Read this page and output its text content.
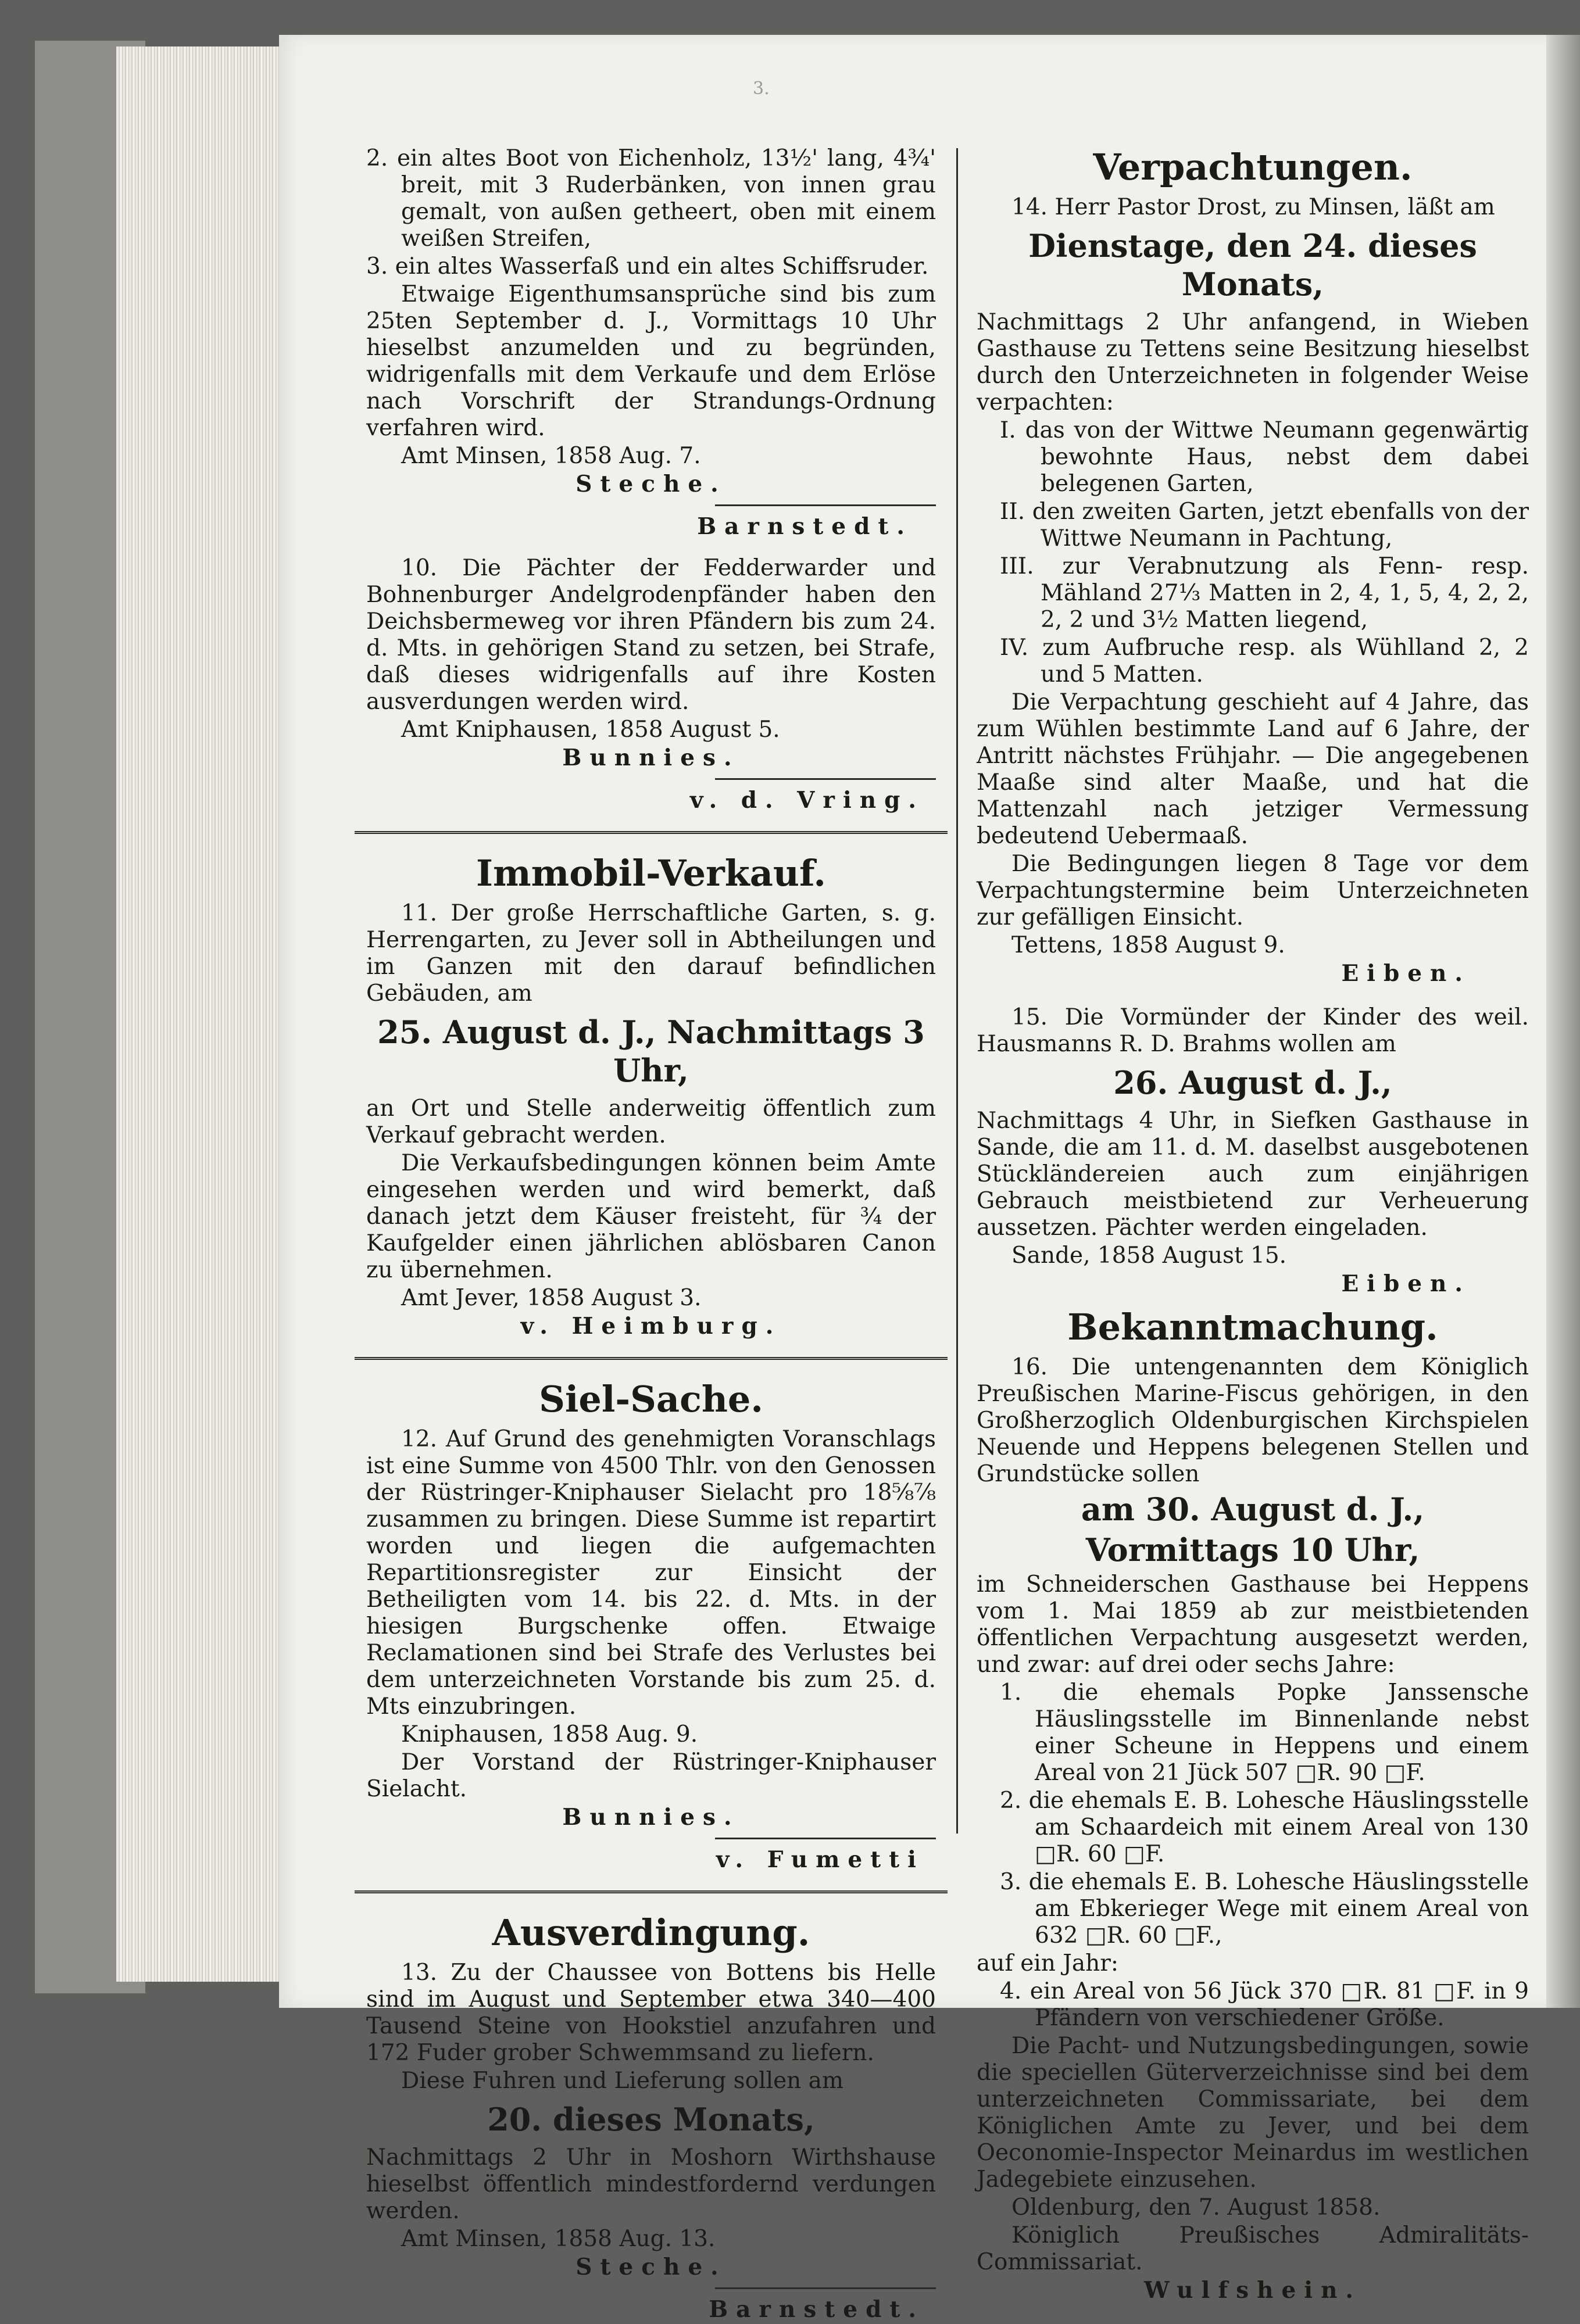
3.

2. ein altes Boot von Eichenholz, 13½' lang, 4¾' breit, mit 3 Ruderbänken, von innen grau gemalt, von außen getheert, oben mit einem weißen Streifen,

3. ein altes Wasserfaß und ein altes Schiffsruder.

Etwaige Eigenthumsansprüche sind bis zum 25ten September d. J., Vormittags 10 Uhr hieselbst anzumelden und zu begründen, widrigenfalls mit dem Verkaufe und dem Erlöse nach Vorschrift der Strandungs-Ordnung verfahren wird.

Amt Minsen, 1858 Aug. 7.

Steche.

Barnstedt.

10. Die Pächter der Fedderwarder und Bohnenburger Andelgrodenpfänder haben den Deichsbermeweg vor ihren Pfändern bis zum 24. d. Mts. in gehörigen Stand zu setzen, bei Strafe, daß dieses widrigenfalls auf ihre Kosten ausverdungen werden wird.

Amt Kniphausen, 1858 August 5.

Bunnies.

v. d. Vring.

Immobil-Verkauf.

11. Der große Herrschaftliche Garten, s. g. Herrengarten, zu Jever soll in Abtheilungen und im Ganzen mit den darauf befindlichen Gebäuden, am

25. August d. J., Nachmittags 3 Uhr,

an Ort und Stelle anderweitig öffentlich zum Verkauf gebracht werden.

Die Verkaufsbedingungen können beim Amte eingesehen werden und wird bemerkt, daß danach jetzt dem Käuser freisteht, für ¾ der Kaufgelder einen jährlichen ablösbaren Canon zu übernehmen.

Amt Jever, 1858 August 3.

v. Heimburg.

Siel-Sache.

12. Auf Grund des genehmigten Voranschlags ist eine Summe von 4500 Thlr. von den Genossen der Rüstringer-Kniphauser Sielacht pro 18⅝⅞ zusammen zu bringen. Diese Summe ist repartirt worden und liegen die aufgemachten Repartitionsregister zur Einsicht der Betheiligten vom 14. bis 22. d. Mts. in der hiesigen Burgschenke offen. Etwaige Reclamationen sind bei Strafe des Verlustes bei dem unterzeichneten Vorstande bis zum 25. d. Mts einzubringen.

Kniphausen, 1858 Aug. 9.

Der Vorstand der Rüstringer-Kniphauser Sielacht.

Bunnies.

v. Fumetti

Ausverdingung.

13. Zu der Chaussee von Bottens bis Helle sind im August und September etwa 340—400 Tausend Steine von Hookstiel anzufahren und 172 Fuder grober Schwemmsand zu liefern.

Diese Fuhren und Lieferung sollen am

20. dieses Monats,

Nachmittags 2 Uhr in Moshorn Wirthshause hieselbst öffentlich mindestfordernd verdungen werden.

Amt Minsen, 1858 Aug. 13.

Steche.

Barnstedt.

Verpachtungen.

14. Herr Pastor Drost, zu Minsen, läßt am

Dienstage, den 24. dieses Monats,

Nachmittags 2 Uhr anfangend, in Wieben Gasthause zu Tettens seine Besitzung hieselbst durch den Unterzeichneten in folgender Weise verpachten:

I. das von der Wittwe Neumann gegenwärtig bewohnte Haus, nebst dem dabei belegenen Garten,

II. den zweiten Garten, jetzt ebenfalls von der Wittwe Neumann in Pachtung,

III. zur Verabnutzung als Fenn- resp. Mähland 27⅓ Matten in 2, 4, 1, 5, 4, 2, 2, 2, 2 und 3½ Matten liegend,

IV. zum Aufbruche resp. als Wühlland 2, 2 und 5 Matten.

Die Verpachtung geschieht auf 4 Jahre, das zum Wühlen bestimmte Land auf 6 Jahre, der Antritt nächstes Frühjahr. — Die angegebenen Maaße sind alter Maaße, und hat die Mattenzahl nach jetziger Vermessung bedeutend Uebermaaß.

Die Bedingungen liegen 8 Tage vor dem Verpachtungstermine beim Unterzeichneten zur gefälligen Einsicht.

Tettens, 1858 August 9.

Eiben.

15. Die Vormünder der Kinder des weil. Hausmanns R. D. Brahms wollen am

26. August d. J.,

Nachmittags 4 Uhr, in Siefken Gasthause in Sande, die am 11. d. M. daselbst ausgebotenen Stückländereien auch zum einjährigen Gebrauch meistbietend zur Verheuerung aussetzen. Pächter werden eingeladen.

Sande, 1858 August 15.

Eiben.

Bekanntmachung.

16. Die untengenannten dem Königlich Preußischen Marine-Fiscus gehörigen, in den Großherzoglich Oldenburgischen Kirchspielen Neuende und Heppens belegenen Stellen und Grundstücke sollen

am 30. August d. J.,

Vormittags 10 Uhr,

im Schneiderschen Gasthause bei Heppens vom 1. Mai 1859 ab zur meistbietenden öffentlichen Verpachtung ausgesetzt werden, und zwar: auf drei oder sechs Jahre:

1. die ehemals Popke Janssensche Häuslingsstelle im Binnenlande nebst einer Scheune in Heppens und einem Areal von 21 Jück 507 □R. 90 □F.

2. die ehemals E. B. Lohesche Häuslingsstelle am Schaardeich mit einem Areal von 130 □R. 60 □F.

3. die ehemals E. B. Lohesche Häuslingsstelle am Ebkerieger Wege mit einem Areal von 632 □R. 60 □F.,

auf ein Jahr:

4. ein Areal von 56 Jück 370 □R. 81 □F. in 9 Pfändern von verschiedener Größe.

Die Pacht- und Nutzungsbedingungen, sowie die speciellen Güterverzeichnisse sind bei dem unterzeichneten Commissariate, bei dem Königlichen Amte zu Jever, und bei dem Oeconomie-Inspector Meinardus im westlichen Jadegebiete einzusehen.

Oldenburg, den 7. August 1858.

Königlich Preußisches Admiralitäts-Commissariat.

Wulfshein.
